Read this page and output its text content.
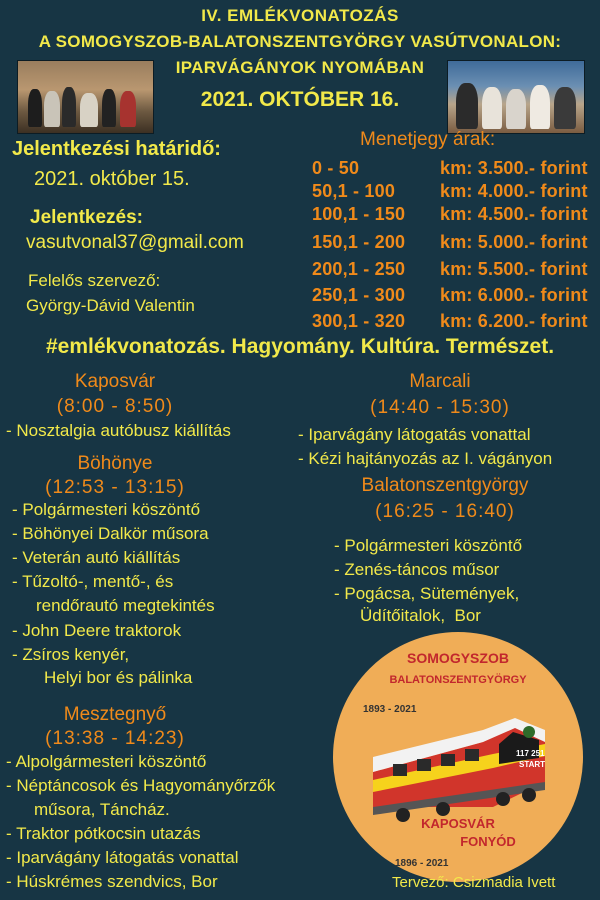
IV. EMLÉKVONATOZÁS
A SOMOGYSZOB-BALATONSZENTGYÖRGY VASÚTVONALON:
IPARVÁGÁNYOK NYOMÁBAN
2021. OKTÓBER 16.
Jelentkezési határidő:
2021. október 15.
Jelentkezés:
vasutvonal37@gmail.com
Felelős szervező:
György-Dávid Valentin
Menetjegy árak:
0 - 50	km: 3.500.- forint
50,1 - 100 km: 4.000.- forint
100,1 - 150 km: 4.500.- forint
150,1 - 200 km: 5.000.- forint
200,1 - 250 km: 5.500.- forint
250,1 - 300 km: 6.000.- forint
300,1 - 320 km: 6.200.- forint
#emlékvonatozás. Hagyomány. Kultúra. Természet.
Kaposvár
(8:00 - 8:50)
- Nosztalgia autóbusz kiállítás
Böhönye
(12:53 - 13:15)
- Polgármesteri köszöntő
- Böhönyei Dalkör műsora
- Veterán autó kiállítás
- Tűzoltó-, mentő-, és
rendőrautó megtekintés
- John Deere traktorok
- Zsíros kenyér,
Helyi bor és pálinka
Mesztegnyő
(13:38 - 14:23)
- Alpolgármesteri köszöntő
- Néptáncosok és Hagyományőrzők
műsora, Táncház.
- Traktor pótkocsin utazás
- Iparvágány látogatás vonattal
- Húskrémes szendvics, Bor
Marcali
(14:40 - 15:30)
- Iparvágány látogatás vonattal
- Kézi hajtányozás az I. vágányon
Balatonszentgyörgy
(16:25 - 16:40)
- Polgármesteri köszöntő
- Zenés-táncos műsor
- Pogácsa, Sütemények,
Üdítőitalok,  Bor
SOMOGYSZOB
BALATONSZENTGYÖRGY
1893 - 2021
117 251
START
KAPOSVÁR
FONYÓD
1896 - 2021
Tervező: Csizmadia Ivett
